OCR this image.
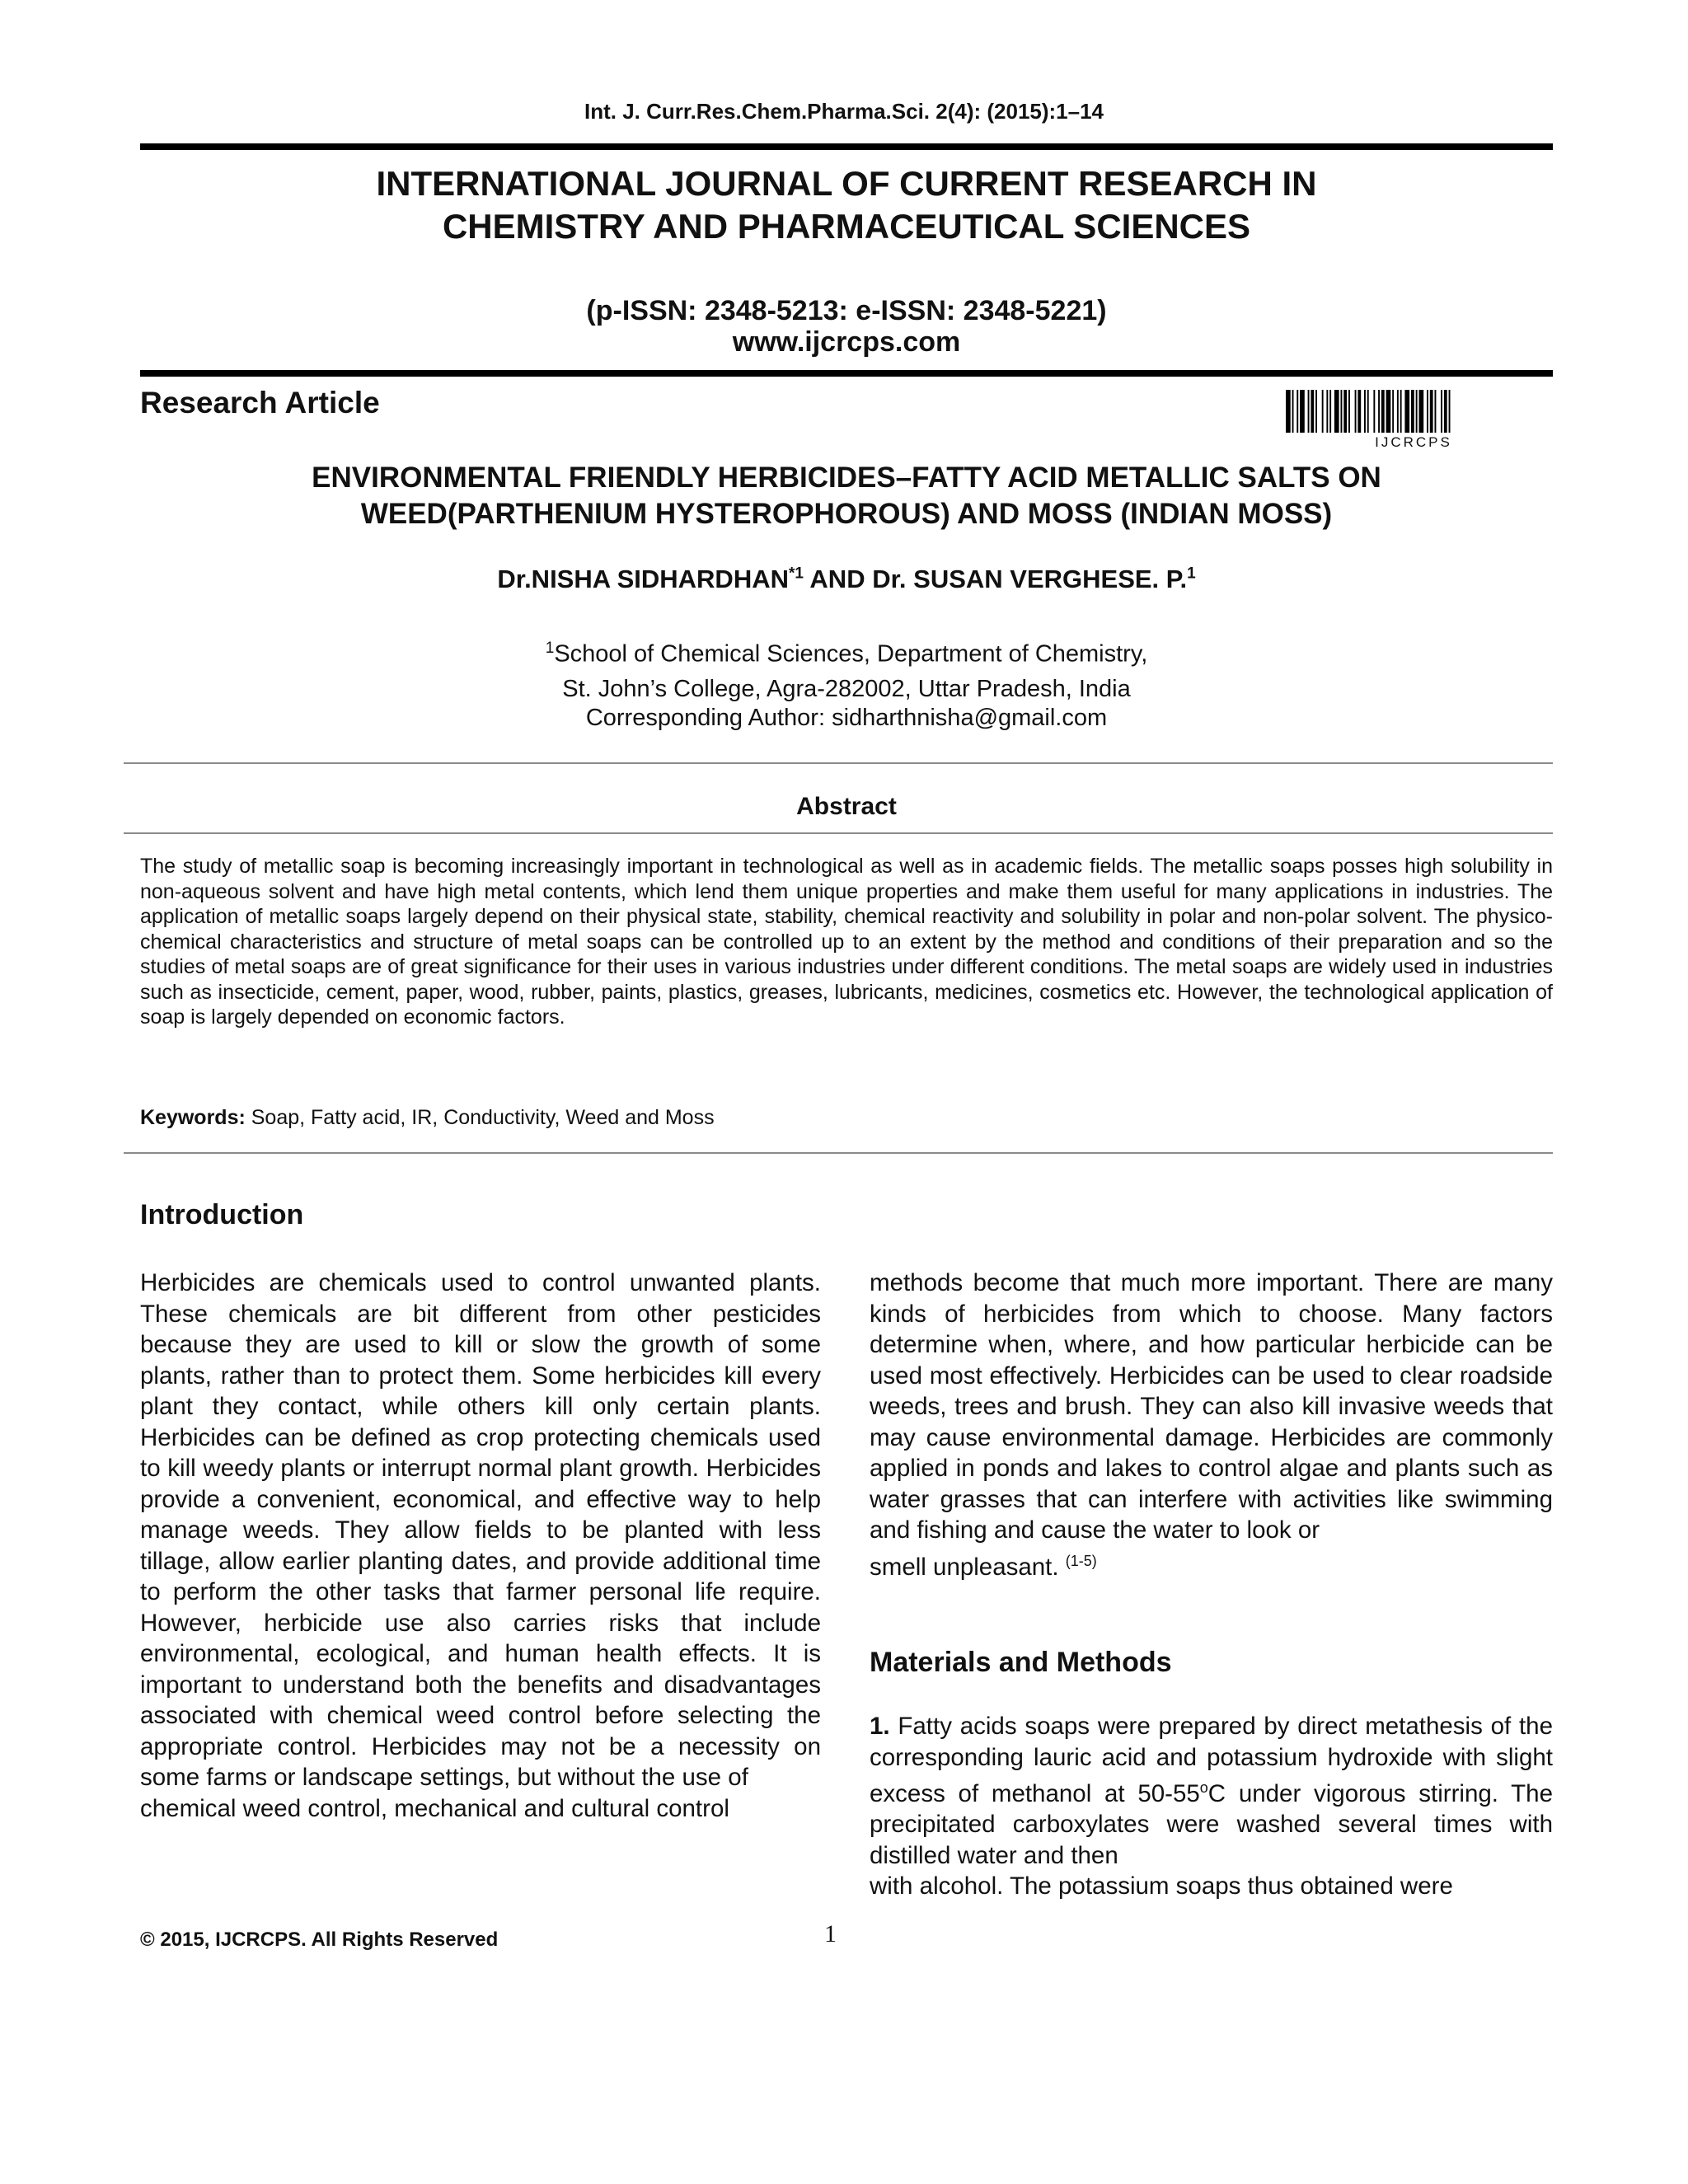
Int. J. Curr.Res.Chem.Pharma.Sci. 2(4): (2015):1–14
INTERNATIONAL JOURNAL OF CURRENT RESEARCH IN
CHEMISTRY AND PHARMACEUTICAL SCIENCES
(p-ISSN: 2348-5213: e-ISSN: 2348-5221)
www.ijcrcps.com
Research Article
IJCRCPS
ENVIRONMENTAL FRIENDLY HERBICIDES–FATTY ACID METALLIC SALTS ON
WEED(PARTHENIUM HYSTEROPHOROUS) AND MOSS (INDIAN MOSS)
Dr.NISHA SIDHARDHAN$^{*1}$ AND Dr. SUSAN VERGHESE. P.$^1$
$^1$School of Chemical Sciences, Department of Chemistry,
St. John’s College, Agra-282002, Uttar Pradesh, India
Corresponding Author: sidharthnisha@gmail.com
Abstract
The study of metallic soap is becoming increasingly important in technological as well as in academic fields. The metallic soaps posses high solubility in non-aqueous solvent and have high metal contents, which lend them unique properties and make them useful for many applications in industries. The application of metallic soaps largely depend on their physical state, stability, chemical reactivity and solubility in polar and non-polar solvent. The physico-chemical characteristics and structure of metal soaps can be controlled up to an extent by the method and conditions of their preparation and so the studies of metal soaps are of great significance for their uses in various industries under different conditions. The metal soaps are widely used in industries such as insecticide, cement, paper, wood, rubber, paints, plastics, greases, lubricants, medicines, cosmetics etc. However, the technological application of soap is largely depended on economic factors.
Keywords: Soap, Fatty acid, IR, Conductivity, Weed and Moss
Introduction
Herbicides are chemicals used to control unwanted plants. These chemicals are bit different from other pesticides because they are used to kill or slow the growth of some plants, rather than to protect them. Some herbicides kill every plant they contact, while others kill only certain plants. Herbicides can be defined as crop protecting chemicals used to kill weedy plants or interrupt normal plant growth. Herbicides provide a convenient, economical, and effective way to help manage weeds. They allow fields to be planted with less tillage, allow earlier planting dates, and provide additional time to perform the other tasks that farmer personal life require. However, herbicide use also carries risks that include environmental, ecological, and human health effects. It is important to understand both the benefits and disadvantages associated with chemical weed control before selecting the appropriate control. Herbicides may not be a necessity on some farms or landscape settings, but without the use of
chemical weed control, mechanical and cultural control
methods become that much more important. There are many kinds of herbicides from which to choose. Many factors determine when, where, and how particular herbicide can be used most effectively. Herbicides can be used to clear roadside weeds, trees and brush. They can also kill invasive weeds that may cause environmental damage. Herbicides are commonly applied in ponds and lakes to control algae and plants such as water grasses that can interfere with activities like swimming and fishing and cause the water to look or
smell unpleasant. $^{(1-5)}$
Materials and Methods
1. Fatty acids soaps were prepared by direct metathesis of the corresponding lauric acid and potassium hydroxide with slight excess of methanol at 50-55$^o$C under vigorous stirring. The precipitated carboxylates were washed several times with distilled water and then
with alcohol. The potassium soaps thus obtained were
© 2015, IJCRCPS. All Rights Reserved	1
